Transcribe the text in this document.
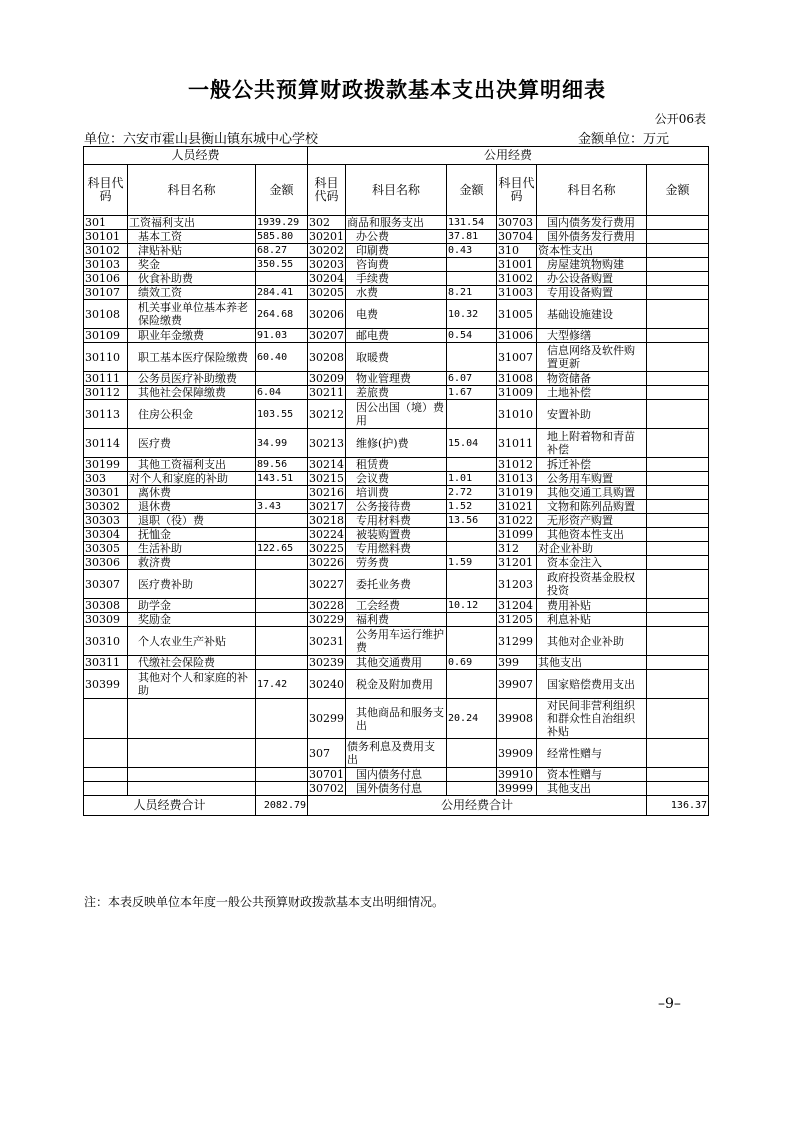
一般公共预算财政拨款基本支出决算明细表
公开06表
单位：六安市霍山县衡山镇东城中心学校	金额单位：万元
人员经费			公用经费					
科目代码	科目名称	金额	科目代码	科目名称	金额	科目代码	科目名称	金额
301	工资福利支出	1939.29	302	商品和服务支出	131.54	30703	国内债务发行费用	
30101	基本工资	585.80	30201	办公费	37.81	30704	国外债务发行费用	
30102	津贴补贴	68.27	30202	印刷费	0.43	310	资本性支出	
30103	奖金	350.55	30203	咨询费		31001	房屋建筑物购建	
30106	伙食补助费		30204	手续费		31002	办公设备购置	
30107	绩效工资	284.41	30205	水费	8.21	31003	专用设备购置	
30108	机关事业单位基本养老保险缴费	264.68	30206	电费	10.32	31005	基础设施建设	
30109	职业年金缴费	91.03	30207	邮电费	0.54	31006	大型修缮	
30110	职工基本医疗保险缴费	60.40	30208	取暖费		31007	信息网络及软件购置更新	
30111	公务员医疗补助缴费		30209	物业管理费	6.07	31008	物资储备	
30112	其他社会保障缴费	6.04	30211	差旅费	1.67	31009	土地补偿	
30113	住房公积金	103.55	30212	因公出国（境）费用		31010	安置补助	
30114	医疗费	34.99	30213	维修(护)费	15.04	31011	地上附着物和青苗补偿	
30199	其他工资福利支出	89.56	30214	租赁费		31012	拆迁补偿	
303	对个人和家庭的补助	143.51	30215	会议费	1.01	31013	公务用车购置	
30301	离休费		30216	培训费	2.72	31019	其他交通工具购置	
30302	退休费	3.43	30217	公务接待费	1.52	31021	文物和陈列品购置	
30303	退职（役）费		30218	专用材料费	13.56	31022	无形资产购置	
30304	抚恤金		30224	被装购置费		31099	其他资本性支出	
30305	生活补助	122.65	30225	专用燃料费		312	对企业补助	
30306	救济费		30226	劳务费	1.59	31201	资本金注入	
30307	医疗费补助		30227	委托业务费		31203	政府投资基金股权投资	
30308	助学金		30228	工会经费	10.12	31204	费用补贴	
30309	奖励金		30229	福利费		31205	利息补贴	
30310	个人农业生产补贴		30231	公务用车运行维护费		31299	其他对企业补助	
30311	代缴社会保险费		30239	其他交通费用	0.69	399	其他支出	
30399	其他对个人和家庭的补助	17.42	30240	税金及附加费用		39907	国家赔偿费用支出	
			30299	其他商品和服务支出	20.24	39908	对民间非营利组织和群众性自治组织补贴	
			307	债务利息及费用支出		39909	经常性赠与	
			30701	国内债务付息		39910	资本性赠与	
			30702	国外债务付息		39999	其他支出	
人员经费合计		2082.79	公用经费合计					136.37
注：本表反映单位本年度一般公共预算财政拨款基本支出明细情况。
–9–
